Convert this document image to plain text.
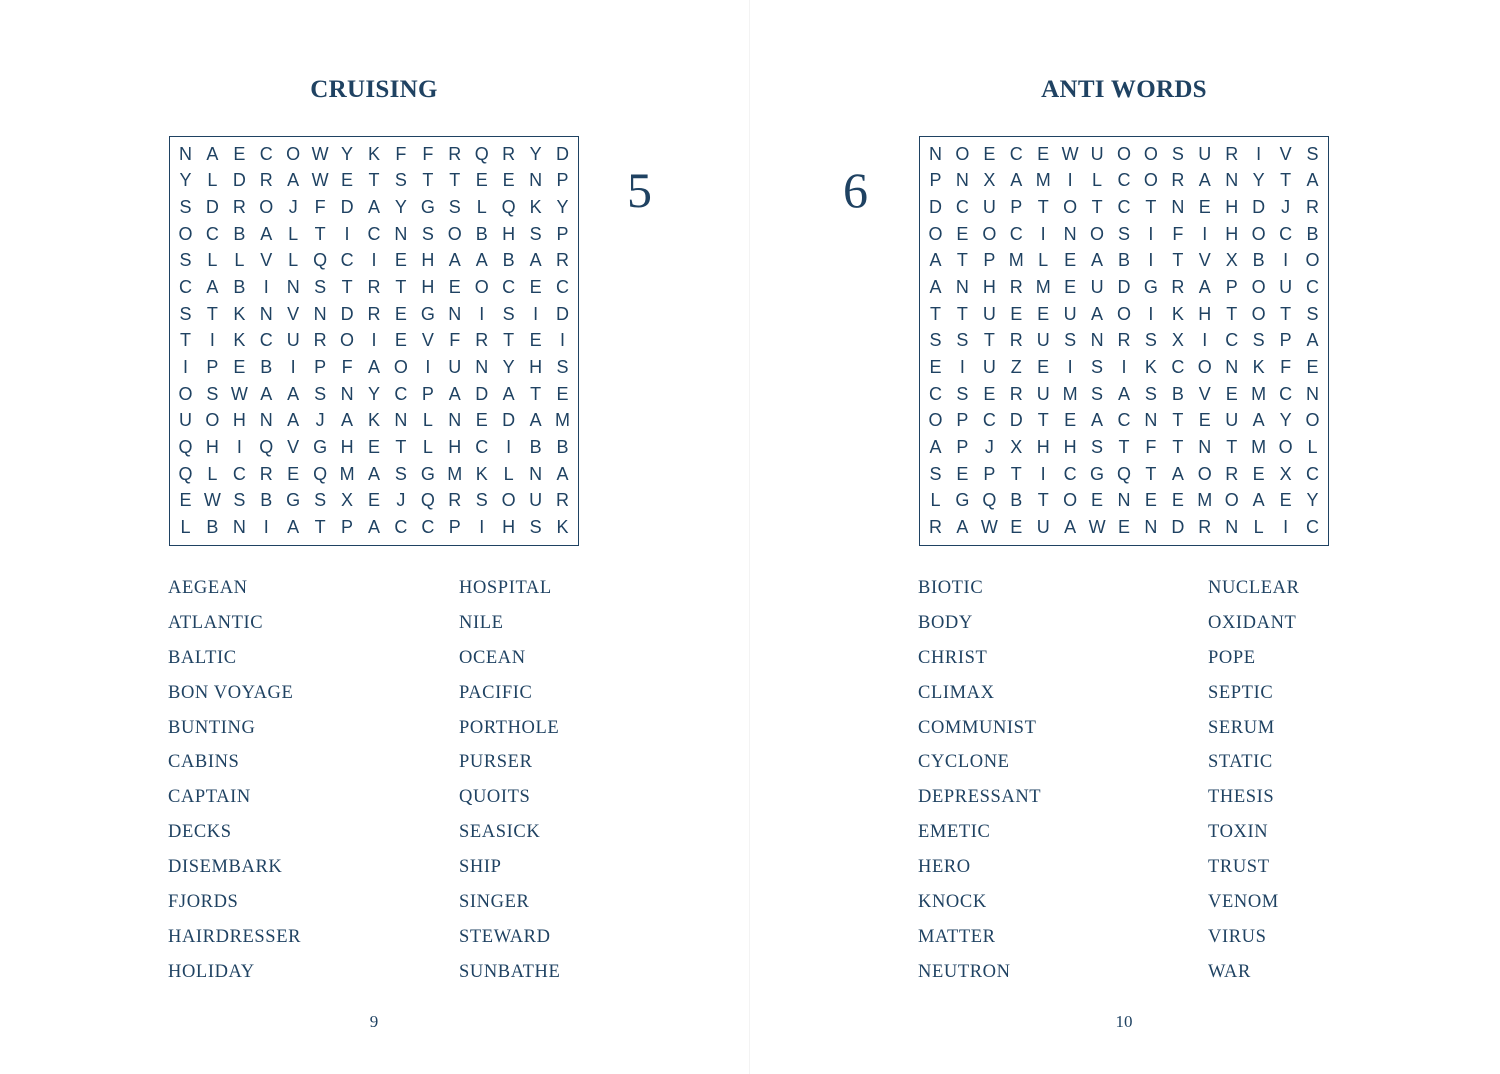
CRUISING
N A E C O W Y K F F R Q R Y D
Y L D R A W E T S T T E E N P
S D R O J F D A Y G S L Q K Y
O C B A L T	I C N S O B H S P
S L L V L Q C I	E H A A B A R
C A B	I N S T R T H E O C E C
S T K N V N D R E G N I	S	I D
T	I	K C U R O I	E V F R T E	I
I	P E B	I	P F A O I U N Y H S
O S W A A S N Y C P A D A T E
U O H N A J A K N L N E D A M
Q H I Q V G H E T L H C I	B B
Q L C R E Q M A S G M K L N A
E W S B G S X E J Q R S O U R
L B N I	A T P A C C P	I H S K
5
AEGEAN
ATLANTIC
BALTIC
BON VOYAGE
BUNTING
CABINS
CAPTAIN
DECKS
DISEMBARK
FJORDS
HAIRDRESSER
HOLIDAY
HOSPITAL
NILE
OCEAN
PACIFIC
PORTHOLE
PURSER
QUOITS
SEASICK
SHIP
SINGER
STEWARD
SUNBATHE
9
ANTI WORDS
N O E C E W U O O S U R I	V S
P N X A M I	L C O R A N Y T A
D C U P T O T C T N E H D J R
O E O C I N O S	I	F	I H O C B
A T P M L E A B	I	T V X B	I O
A N H R M E U D G R A P O U C
T T U E E U A O I	K H T O T S
S S T R U S N R S X	I C S P A
E	I U Z E	I	S	I	K C O N K F E
C S E R U M S A S B V E M C N
O P C D T E A C N T E U A Y O
A P J X H H S T F T N T M O L
S E P T	I C G Q T A O R E X C
L G Q B T O E N E E M O A E Y
R A W E U A W E N D R N L	I C
6
BIOTIC
BODY
CHRIST
CLIMAX
COMMUNIST
CYCLONE
DEPRESSANT
EMETIC
HERO
KNOCK
MATTER
NEUTRON
NUCLEAR
OXIDANT
POPE
SEPTIC
SERUM
STATIC
THESIS
TOXIN
TRUST
VENOM
VIRUS
WAR
10
